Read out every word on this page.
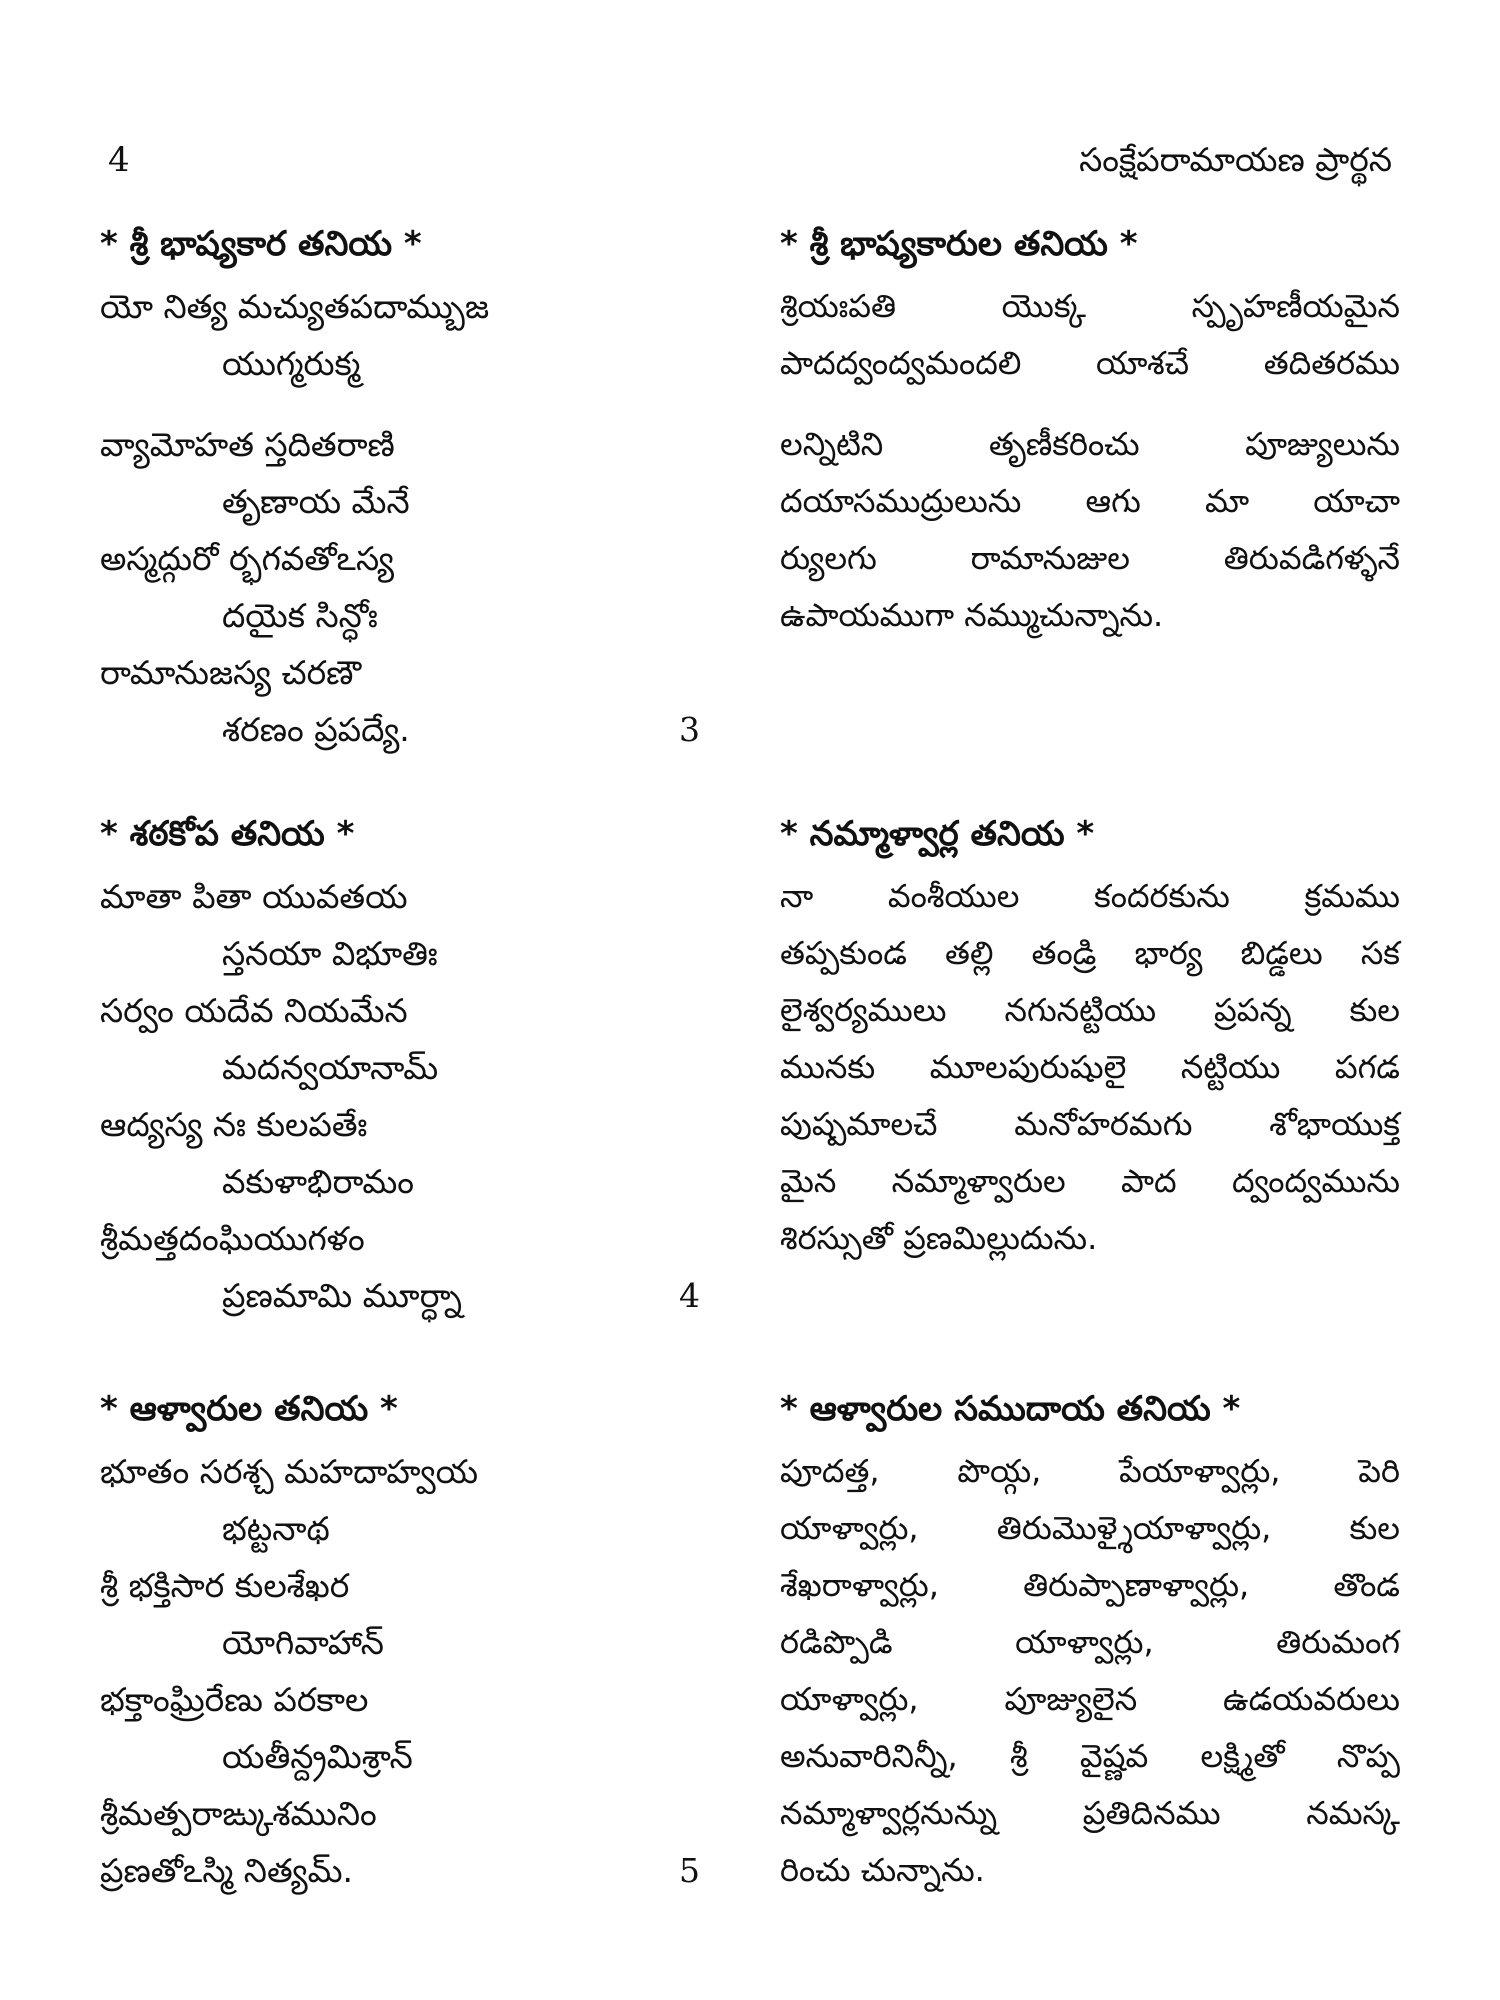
4	సంక్షేపరామాయణ ప్రార్థన
* శ్రీ భాష్యకార తనియ *
యో నిత్య మచ్యుతపదామ్బుజ
యుగ్మరుక్మ
వ్యామోహత స్తదితరాణి
తృణాయ మేనే
అస్మద్గురో ర్భగవతోఽస్య
దయైక సిన్ధోః
రామానుజస్య చరణౌ
శరణం ప్రపద్యే.	3
* శ్రీ భాష్యకారుల తనియ *
శ్రియఃపతి యొక్క స్పృహణీయమైన
పాదద్వంద్వమందలి యాశచే తదితరము
లన్నిటిని తృణీకరించు పూజ్యులును
దయాసముద్రులును ఆగు మా యాచా
ర్యులగు రామానుజుల తిరువడిగళ్ళనే
ఉపాయముగా నమ్ముచున్నాను.
* శఠకోప తనియ *
మాతా పితా యువతయ
స్తనయా విభూతిః
సర్వం యదేవ నియమేన
మదన్వయానామ్
ఆద్యస్య నః కులపతేః
వకుళాభిరామం
శ్రీమత్తదంఘియుగళం
ప్రణమామి మూర్ధ్నా	4
* నమ్మాళ్వార్ల తనియ *
నా వంశీయుల కందరకును క్రమము
తప్పకుండ తల్లి తండ్రి భార్య బిడ్డలు సక
లైశ్వర్యములు నగునట్టియు ప్రపన్న కుల
మునకు మూలపురుషులై నట్టియు పగడ
పుష్పమాలచే మనోహరమగు శోభాయుక్త
మైన నమ్మాళ్వారుల పాద ద్వంద్వమును
శిరస్సుతో ప్రణమిల్లుదును.
* ఆళ్వారుల తనియ *
భూతం సరశ్చ మహదాహ్వయ
భట్టనాథ
శ్రీ భక్తిసార కులశేఖర
యోగివాహాన్
భక్తాంఘ్రిరేణు పరకాల
యతీన్ద్రమిశ్రాన్
శ్రీమత్పరాఙ్కుశమునిం
ప్రణతోఽస్మి నిత్యమ్.	5
* ఆళ్వారుల సముదాయ తనియ *
పూదత్త, పొయ్గ, పేయాళ్వార్లు, పెరి
యాళ్వార్లు, తిరుమొళ్శైయాళ్వార్లు, కుల
శేఖరాళ్వార్లు, తిరుప్పాణాళ్వార్లు, తొండ
రడిప్పొడి యాళ్వార్లు, తిరుమంగ
యాళ్వార్లు, పూజ్యులైన ఉడయవరులు
అనువారినిన్నీ, శ్రీ వైష్ణవ లక్ష్మితో నొప్ప
నమ్మాళ్వార్లనున్ను ప్రతిదినము నమస్క
రించు చున్నాను.
